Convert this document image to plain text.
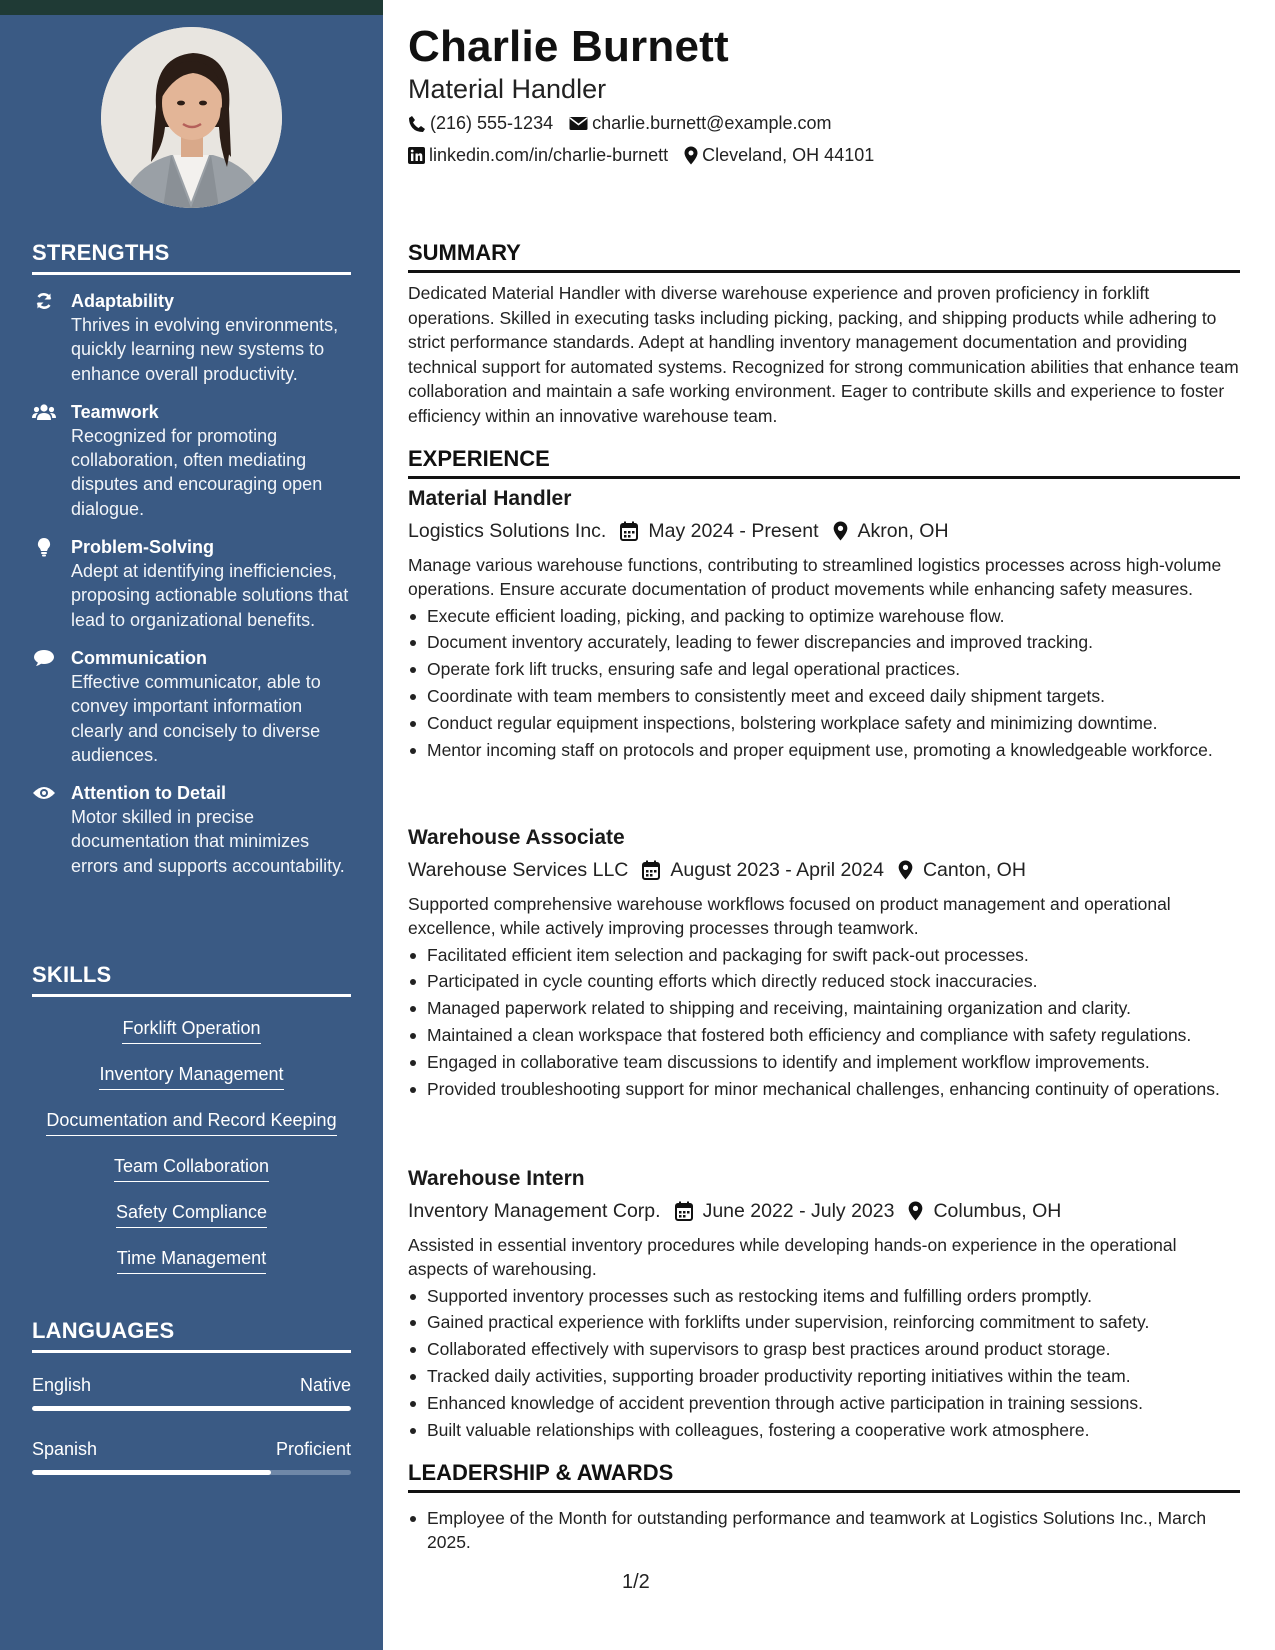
STRENGTHS
Adaptability
Thrives in evolving environments, quickly learning new systems to enhance overall productivity.
Teamwork
Recognized for promoting collaboration, often mediating disputes and encouraging open dialogue.
Problem-Solving
Adept at identifying inefficiencies, proposing actionable solutions that lead to organizational benefits.
Communication
Effective communicator, able to convey important information clearly and concisely to diverse audiences.
Attention to Detail
Motor skilled in precise documentation that minimizes errors and supports accountability.
SKILLS
Forklift Operation
Inventory Management
Documentation and Record Keeping
Team Collaboration
Safety Compliance
Time Management
LANGUAGES
English	Native
Spanish	Proficient
Charlie Burnett
Material Handler
(216) 555-1234 charlie.burnett@example.com
linkedin.com/in/charlie-burnett Cleveland, OH 44101
SUMMARY

Dedicated Material Handler with diverse warehouse experience and proven proficiency in forklift operations. Skilled in executing tasks including picking, packing, and shipping products while adhering to strict performance standards. Adept at handling inventory management documentation and providing technical support for automated systems. Recognized for strong communication abilities that enhance team collaboration and maintain a safe working environment. Eager to contribute skills and experience to foster efficiency within an innovative warehouse team.

EXPERIENCE
Material Handler
Logistics Solutions Inc. May 2024 - Present Akron, OH

Manage various warehouse functions, contributing to streamlined logistics processes across high-volume operations. Ensure accurate documentation of product movements while enhancing safety measures.

Execute efficient loading, picking, and packing to optimize warehouse flow.
Document inventory accurately, leading to fewer discrepancies and improved tracking.
Operate fork lift trucks, ensuring safe and legal operational practices.
Coordinate with team members to consistently meet and exceed daily shipment targets.
Conduct regular equipment inspections, bolstering workplace safety and minimizing downtime.
Mentor incoming staff on protocols and proper equipment use, promoting a knowledgeable workforce.
Warehouse Associate
Warehouse Services LLC August 2023 - April 2024 Canton, OH

Supported comprehensive warehouse workflows focused on product management and operational excellence, while actively improving processes through teamwork.

Facilitated efficient item selection and packaging for swift pack-out processes.
Participated in cycle counting efforts which directly reduced stock inaccuracies.
Managed paperwork related to shipping and receiving, maintaining organization and clarity.
Maintained a clean workspace that fostered both efficiency and compliance with safety regulations.
Engaged in collaborative team discussions to identify and implement workflow improvements.
Provided troubleshooting support for minor mechanical challenges, enhancing continuity of operations.
Warehouse Intern
Inventory Management Corp. June 2022 - July 2023 Columbus, OH

Assisted in essential inventory procedures while developing hands-on experience in the operational aspects of warehousing.

Supported inventory processes such as restocking items and fulfilling orders promptly.
Gained practical experience with forklifts under supervision, reinforcing commitment to safety.
Collaborated effectively with supervisors to grasp best practices around product storage.
Tracked daily activities, supporting broader productivity reporting initiatives within the team.
Enhanced knowledge of accident prevention through active participation in training sessions.
Built valuable relationships with colleagues, fostering a cooperative work atmosphere.
LEADERSHIP & AWARDS
Employee of the Month for outstanding performance and teamwork at Logistics Solutions Inc., March 2025.
1/2
